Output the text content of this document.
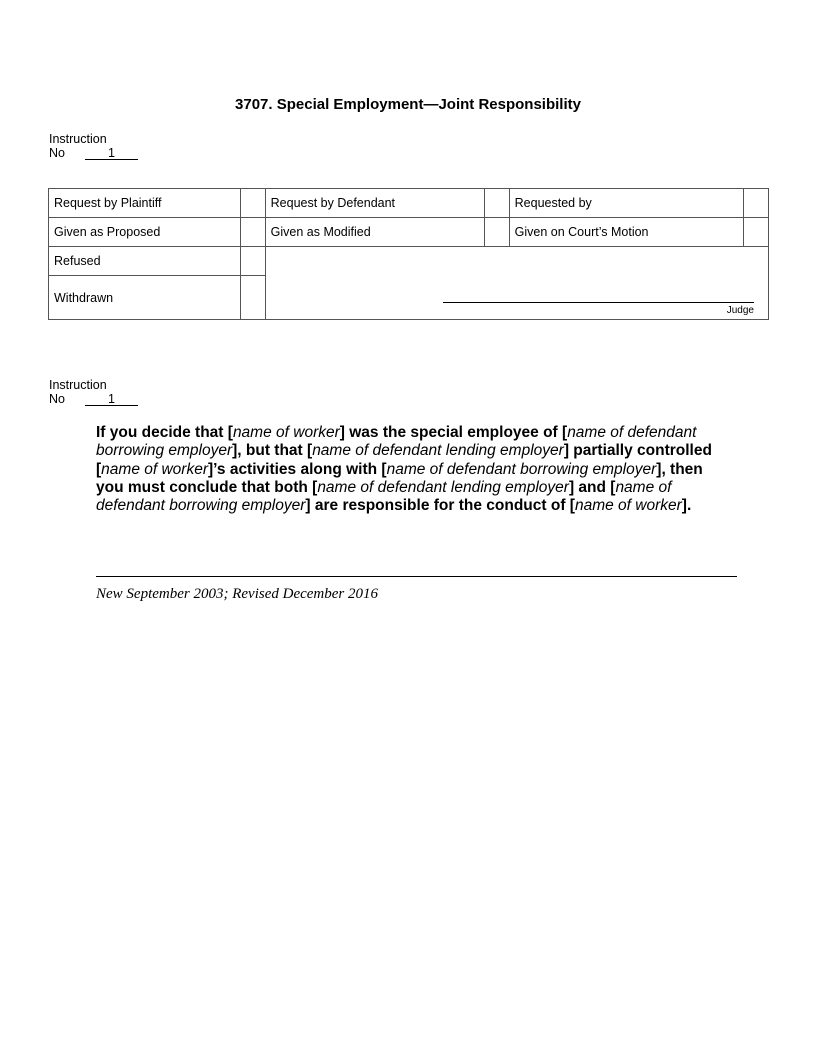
3707. Special Employment—Joint Responsibility
Instruction
No	1
Request by Plaintiff		Request by Defendant		Requested by	
Given as Proposed		Given as Modified		Given on Court’s Motion	
Refused		Judge			

Withdrawn					
Instruction
No	1
If you decide that [name of worker] was the special employee of [name of defendant borrowing employer], but that [name of defendant lending employer] partially controlled [name of worker]’s activities along with [name of defendant borrowing employer], then you must conclude that both [name of defendant lending employer] and [name of defendant borrowing employer] are responsible for the conduct of [name of worker].
New September 2003; Revised December 2016
